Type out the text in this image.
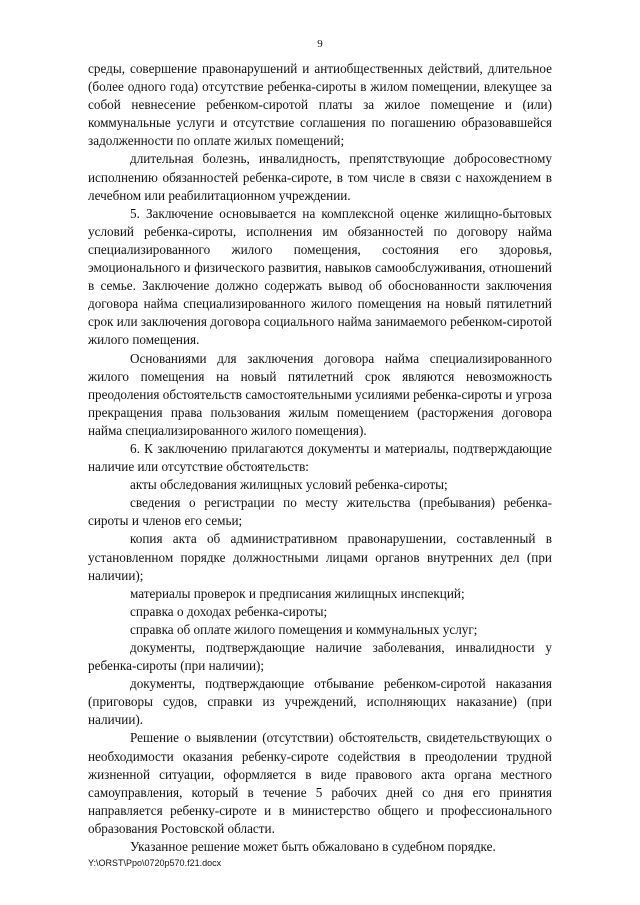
9

среды, совершение правонарушений и антиобщественных действий, длительное (более одного года) отсутствие ребенка-сироты в жилом помещении, влекущее за собой невнесение ребенком-сиротой платы за жилое помещение и (или) коммунальные услуги и отсутствие соглашения по погашению образовавшейся задолженности по оплате жилых помещений;

длительная болезнь, инвалидность, препятствующие добросовестному исполнению обязанностей ребенка-сироте, в том числе в связи с нахождением в лечебном или реабилитационном учреждении.

5. Заключение основывается на комплексной оценке жилищно-бытовых условий ребенка-сироты, исполнения им обязанностей по договору найма специализированного жилого помещения, состояния его здоровья, эмоционального и физического развития, навыков самообслуживания, отношений в семье. Заключение должно содержать вывод об обоснованности заключения договора найма специализированного жилого помещения на новый пятилетний срок или заключения договора социального найма занимаемого ребенком-сиротой жилого помещения.

Основаниями для заключения договора найма специализированного жилого помещения на новый пятилетний срок являются невозможность преодоления обстоятельств самостоятельными усилиями ребенка-сироты и угроза прекращения права пользования жилым помещением (расторжения договора найма специализированного жилого помещения).

6. К заключению прилагаются документы и материалы, подтверждающие наличие или отсутствие обстоятельств:

акты обследования жилищных условий ребенка-сироты;

сведения о регистрации по месту жительства (пребывания) ребенка-сироты и членов его семьи;

копия акта об административном правонарушении, составленный в установленном порядке должностными лицами органов внутренних дел (при наличии);

материалы проверок и предписания жилищных инспекций;

справка о доходах ребенка-сироты;

справка об оплате жилого помещения и коммунальных услуг;

документы, подтверждающие наличие заболевания, инвалидности у ребенка-сироты (при наличии);

документы, подтверждающие отбывание ребенком-сиротой наказания (приговоры судов, справки из учреждений, исполняющих наказание) (при наличии).

Решение о выявлении (отсутствии) обстоятельств, свидетельствующих о необходимости оказания ребенку-сироте содействия в преодолении трудной жизненной ситуации, оформляется в виде правового акта органа местного самоуправления, который в течение 5 рабочих дней со дня его принятия направляется ребенку-сироте и в министерство общего и профессионального образования Ростовской области.

Указанное решение может быть обжаловано в судебном порядке.

Y:\ORST\Ppo\0720p570.f21.docx
